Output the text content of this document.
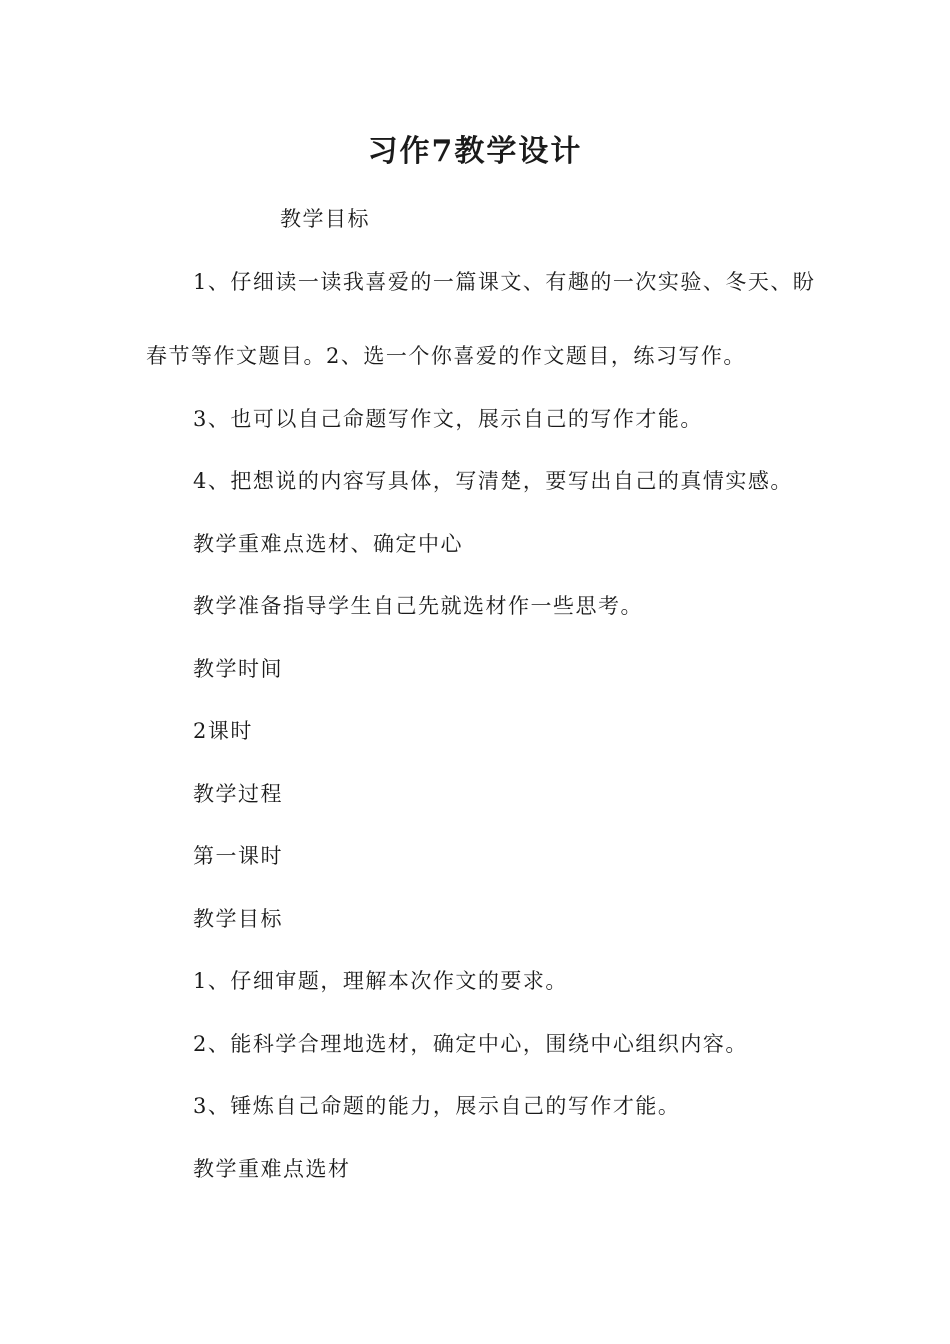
习作7教学设计
教学目标
1、仔细读一读我喜爱的一篇课文、有趣的一次实验、冬天、盼
春节等作文题目。2、选一个你喜爱的作文题目，练习写作。
3、也可以自己命题写作文，展示自己的写作才能。
4、把想说的内容写具体，写清楚，要写出自己的真情实感。
教学重难点选材、确定中心
教学准备指导学生自己先就选材作一些思考。
教学时间
2课时
教学过程
第一课时
教学目标
1、仔细审题，理解本次作文的要求。
2、能科学合理地选材，确定中心，围绕中心组织内容。
3、锤炼自己命题的能力，展示自己的写作才能。
教学重难点选材
